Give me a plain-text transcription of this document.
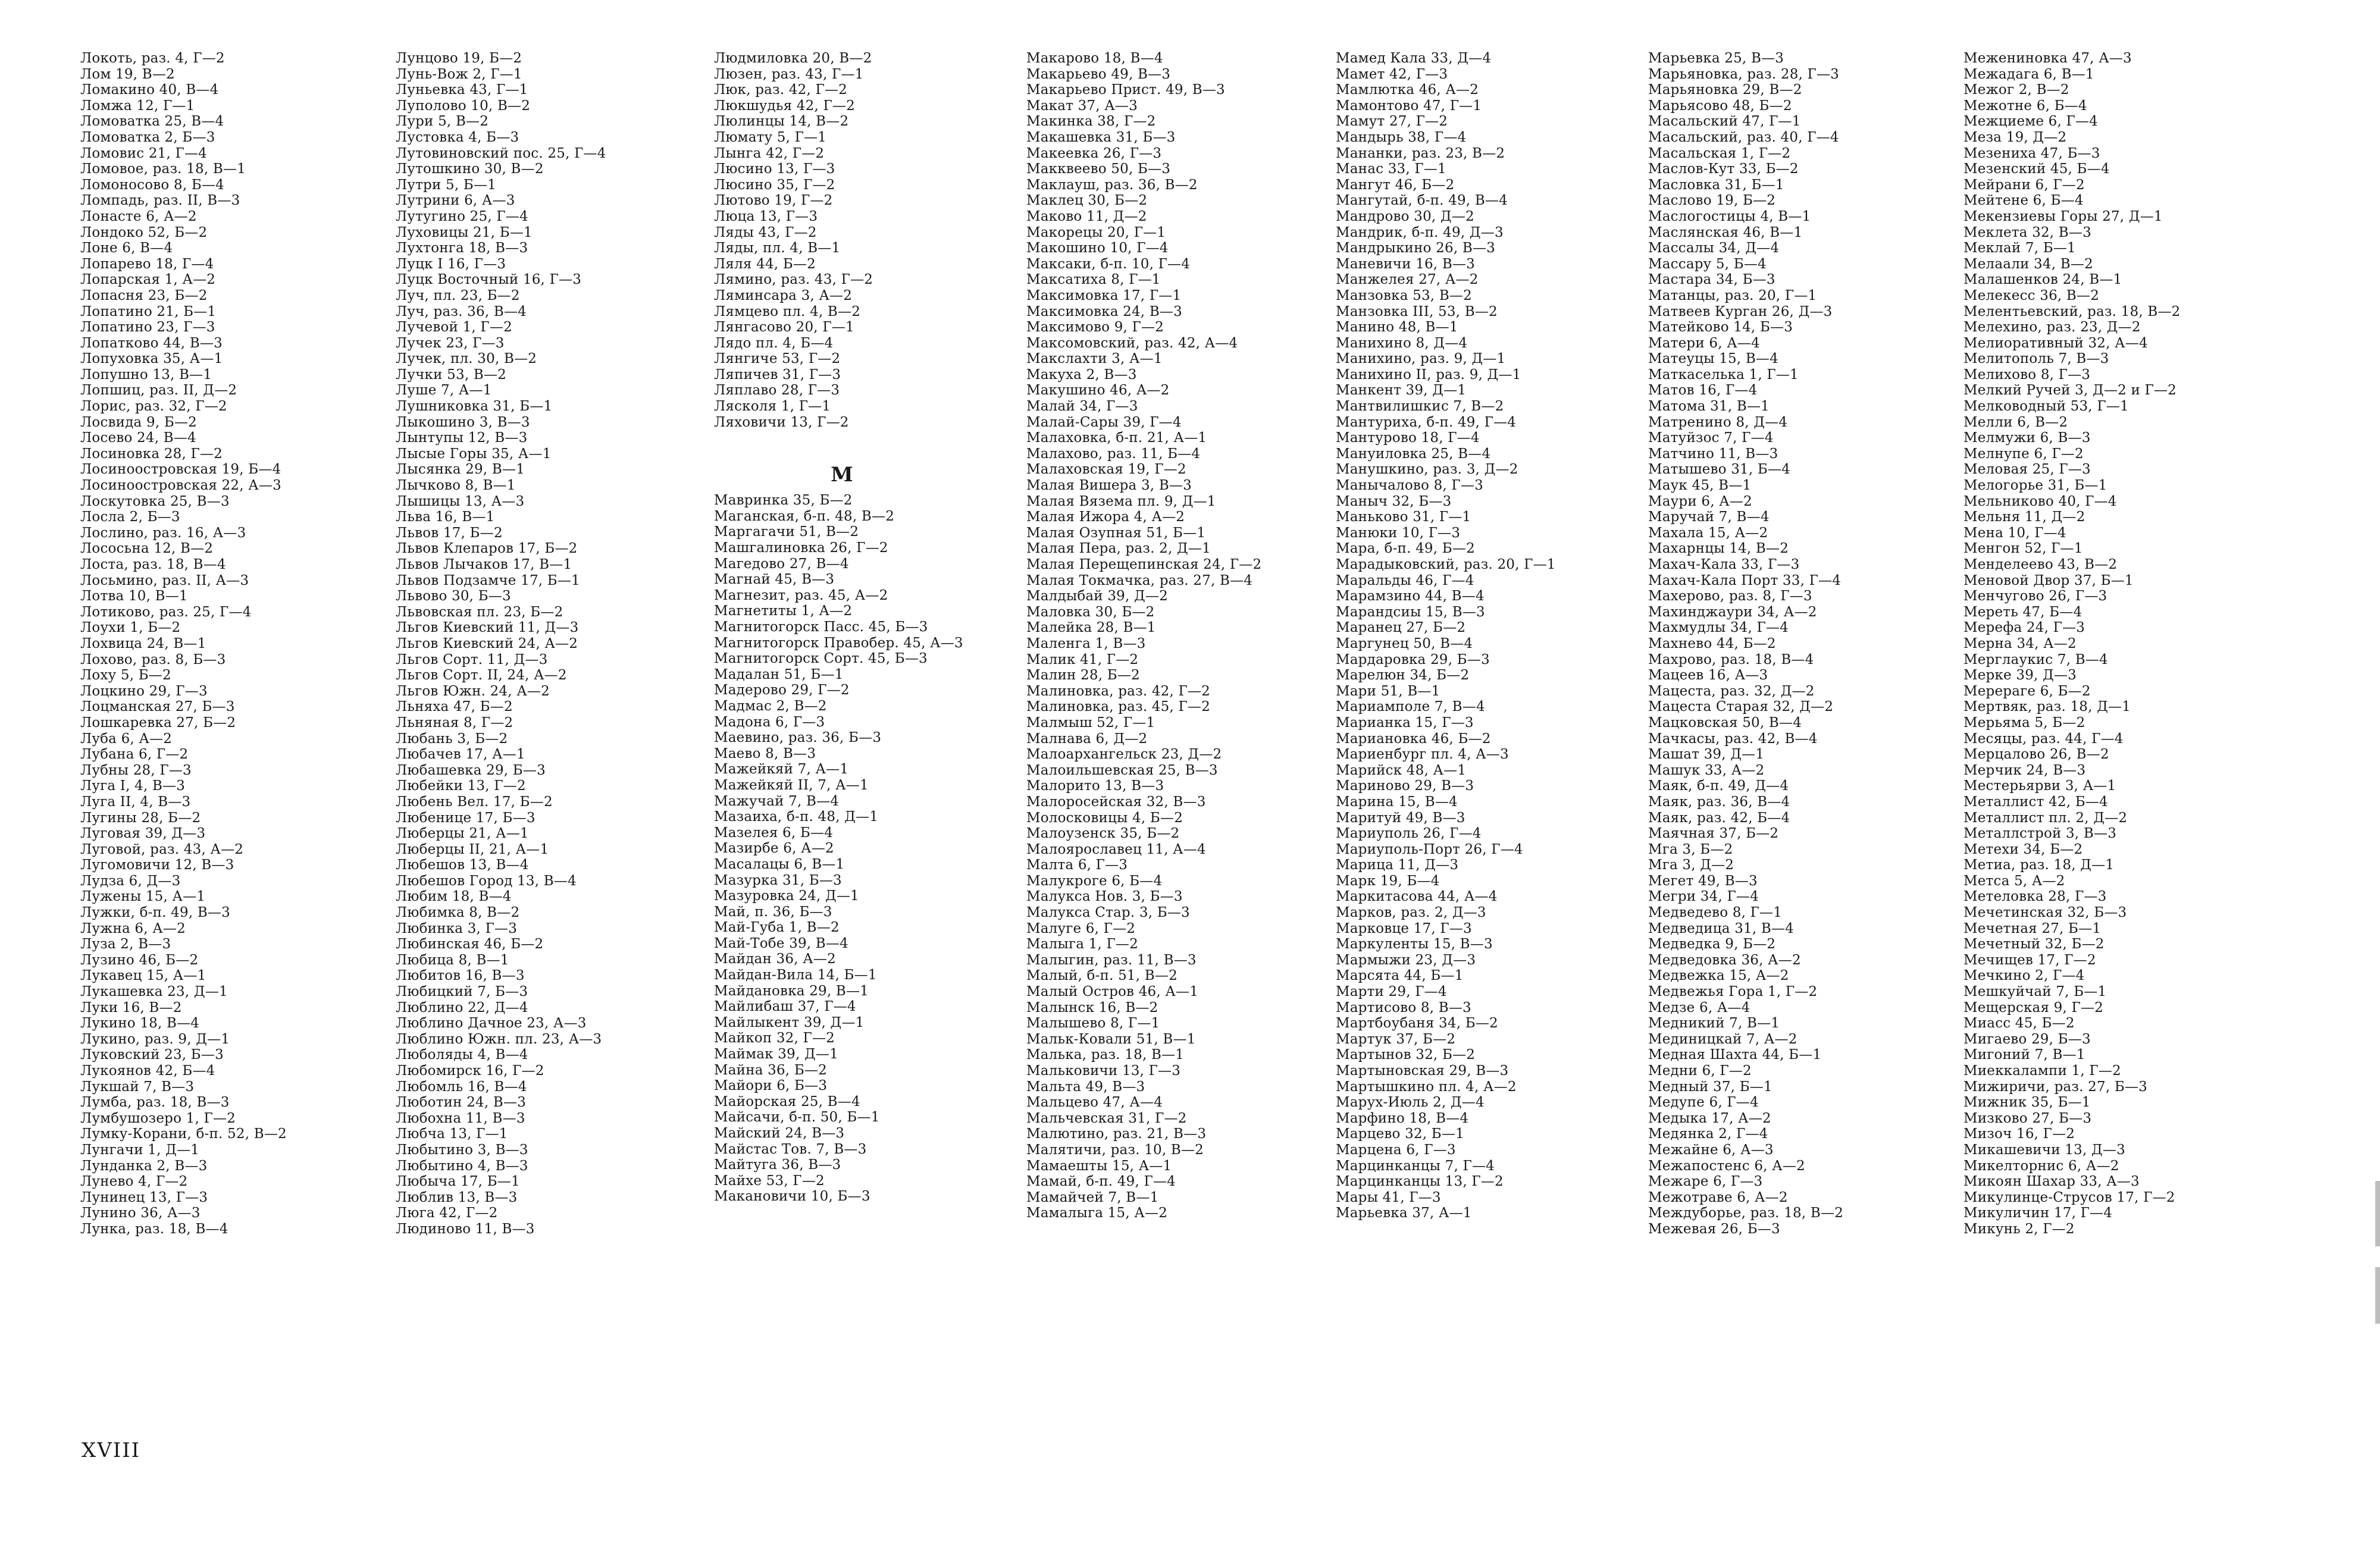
Локоть, раз. 4, Г—2
Лом 19, В—2
Ломакино 40, В—4
Ломжа 12, Г—1
Ломоватка 25, В—4
Ломоватка 2, Б—3
Ломовис 21, Г—4
Ломовое, раз. 18, В—1
Ломоносово 8, Б—4
Ломпадь, раз. II, В—3
Лонасте 6, А—2
Лондоко 52, Б—2
Лоне 6, В—4
Лопарево 18, Г—4
Лопарская 1, А—2
Лопасня 23, Б—2
Лопатино 21, Б—1
Лопатино 23, Г—3
Лопатково 44, В—3
Лопуховка 35, А—1
Лопушно 13, В—1
Лопшиц, раз. II, Д—2
Лорис, раз. 32, Г—2
Лосвида 9, Б—2
Лосево 24, В—4
Лосиновка 28, Г—2
Лосиноостровская 19, Б—4
Лосиноостровская 22, А—3
Лоскутовка 25, В—3
Лосла 2, Б—3
Лослино, раз. 16, А—3
Лососьна 12, В—2
Лоста, раз. 18, В—4
Лосьмино, раз. II, А—3
Лотва 10, В—1
Лотиково, раз. 25, Г—4
Лоухи 1, Б—2
Лохвица 24, В—1
Лохово, раз. 8, Б—3
Лоху 5, Б—2
Лоцкино 29, Г—3
Лоцманская 27, Б—3
Лошкаревка 27, Б—2
Луба 6, А—2
Лубана 6, Г—2
Лубны 28, Г—3
Луга I, 4, В—3
Луга II, 4, В—3
Лугины 28, Б—2
Луговая 39, Д—3
Луговой, раз. 43, А—2
Лугомовичи 12, В—3
Лудза 6, Д—3
Лужены 15, А—1
Лужки, б-п. 49, В—3
Лужна 6, А—2
Луза 2, В—3
Лузино 46, Б—2
Лукавец 15, А—1
Лукашевка 23, Д—1
Луки 16, В—2
Лукино 18, В—4
Лукино, раз. 9, Д—1
Луковский 23, Б—3
Лукоянов 42, Б—4
Лукшай 7, В—3
Лумба, раз. 18, В—3
Лумбушозеро 1, Г—2
Лумку-Корани, б-п. 52, В—2
Лунгачи 1, Д—1
Лунданка 2, В—3
Лунево 4, Г—2
Лунинец 13, Г—3
Лунино 36, А—3
Лунка, раз. 18, В—4
Лунцово 19, Б—2
Лунь-Вож 2, Г—1
Луньевка 43, Г—1
Луполово 10, В—2
Лури 5, В—2
Лустовка 4, Б—3
Лутовиновский пос. 25, Г—4
Лутошкино 30, В—2
Лутри 5, Б—1
Лутрини 6, А—3
Лутугино 25, Г—4
Луховицы 21, Б—1
Лухтонга 18, В—3
Луцк I 16, Г—3
Луцк Восточный 16, Г—3
Луч, пл. 23, Б—2
Луч, раз. 36, В—4
Лучевой 1, Г—2
Лучек 23, Г—3
Лучек, пл. 30, В—2
Лучки 53, В—2
Луше 7, А—1
Лушниковка 31, Б—1
Лыкошино 3, В—3
Лынтупы 12, В—3
Лысые Горы 35, А—1
Лысянка 29, В—1
Лычково 8, В—1
Лышицы 13, А—3
Льва 16, В—1
Львов 17, Б—2
Львов Клепаров 17, Б—2
Львов Лычаков 17, В—1
Львов Подзамче 17, Б—1
Львово 30, Б—3
Львовская пл. 23, Б—2
Льгов Киевский 11, Д—3
Льгов Киевский 24, А—2
Льгов Сорт. 11, Д—3
Льгов Сорт. II, 24, А—2
Льгов Южн. 24, А—2
Льняха 47, Б—2
Льняная 8, Г—2
Любань 3, Б—2
Любачев 17, А—1
Любашевка 29, Б—3
Любейки 13, Г—2
Любень Вел. 17, Б—2
Любенице 17, Б—3
Люберцы 21, А—1
Люберцы II, 21, А—1
Любешов 13, В—4
Любешов Город 13, В—4
Любим 18, В—4
Любимка 8, В—2
Любинка 3, Г—3
Любинская 46, Б—2
Любица 8, В—1
Любитов 16, В—3
Любицкий 7, Б—3
Люблино 22, Д—4
Люблино Дачное 23, А—3
Люблино Южн. пл. 23, А—3
Люболяды 4, В—4
Любомирск 16, Г—2
Любомль 16, В—4
Люботин 24, В—3
Любохна 11, В—3
Любча 13, Г—1
Любытино 3, В—3
Любытино 4, В—3
Любыча 17, Б—1
Люблив 13, В—3
Люга 42, Г—2
Людиново 11, В—3
Людмиловка 20, В—2
Люзен, раз. 43, Г—1
Люк, раз. 42, Г—2
Люкшудья 42, Г—2
Люлинцы 14, В—2
Люмату 5, Г—1
Лынга 42, Г—2
Люсино 13, Г—3
Люсино 35, Г—2
Лютово 19, Г—2
Люца 13, Г—3
Ляды 43, Г—2
Ляды, пл. 4, В—1
Ляля 44, Б—2
Лямино, раз. 43, Г—2
Ляминсара 3, А—2
Лямцево пл. 4, В—2
Лянгасово 20, Г—1
Лядо пл. 4, Б—4
Лянгиче 53, Г—2
Ляпичев 31, Г—3
Ляплаво 28, Г—3
Лясколя 1, Г—1
Ляховичи 13, Г—2
М
Мавринка 35, Б—2
Маганская, б-п. 48, В—2
Маргагачи 51, В—2
Машгалиновка 26, Г—2
Магедово 27, В—4
Магнай 45, В—3
Магнезит, раз. 45, А—2
Магнетиты 1, А—2
Магнитогорск Пасс. 45, Б—3
Магнитогорск Правобер. 45, А—3
Магнитогорск Сорт. 45, Б—3
Мадалан 51, Б—1
Мадерово 29, Г—2
Мадмас 2, В—2
Мадона 6, Г—3
Маевино, раз. 36, Б—3
Маево 8, В—3
Мажейкяй 7, А—1
Мажейкяй II, 7, А—1
Мажучай 7, В—4
Мазаиха, б-п. 48, Д—1
Мазелея 6, Б—4
Мазирбе 6, А—2
Масалацы 6, В—1
Мазурка 31, Б—3
Мазуровка 24, Д—1
Май, п. 36, Б—3
Май-Губа 1, В—2
Май-Тобе 39, В—4
Майдан 36, А—2
Майдан-Вила 14, Б—1
Майдановка 29, В—1
Майлибаш 37, Г—4
Майлыкент 39, Д—1
Майкоп 32, Г—2
Маймак 39, Д—1
Майна 36, Б—2
Майори 6, Б—3
Майорская 25, В—4
Майсачи, б-п. 50, Б—1
Майский 24, В—3
Майстас Тов. 7, В—3
Майтуга 36, В—3
Майхе 53, Г—2
Макановичи 10, Б—3
Макарово 18, В—4
Макарьево 49, В—3
Макарьево Прист. 49, В—3
Макат 37, А—3
Макинка 38, Г—2
Макашевка 31, Б—3
Макеевка 26, Г—3
Макквеево 50, Б—3
Маклауш, раз. 36, В—2
Маклец 30, Б—2
Маково 11, Д—2
Макорецы 20, Г—1
Макошино 10, Г—4
Максаки, б-п. 10, Г—4
Максатиха 8, Г—1
Максимовка 17, Г—1
Максимовка 24, В—3
Максимово 9, Г—2
Максомовский, раз. 42, А—4
Макслахти 3, А—1
Макуха 2, В—3
Макушино 46, А—2
Малай 34, Г—3
Малай-Сары 39, Г—4
Малаховка, б-п. 21, А—1
Малахово, раз. 11, Б—4
Малаховская 19, Г—2
Малая Вишера 3, В—3
Малая Вязема пл. 9, Д—1
Малая Ижора 4, А—2
Малая Озупная 51, Б—1
Малая Пера, раз. 2, Д—1
Малая Перещепинская 24, Г—2
Малая Токмачка, раз. 27, В—4
Малдыбай 39, Д—2
Маловка 30, Б—2
Малейка 28, В—1
Маленга 1, В—3
Малик 41, Г—2
Малин 28, Б—2
Малиновка, раз. 42, Г—2
Малиновка, раз. 45, Г—2
Малмыш 52, Г—1
Малнава 6, Д—2
Малоархангельск 23, Д—2
Малоильшевская 25, В—3
Малорито 13, В—3
Малоросейская 32, В—3
Молосковицы 4, Б—2
Малоузенск 35, Б—2
Малоярославец 11, А—4
Малта 6, Г—3
Малукроге 6, Б—4
Малукса Нов. 3, Б—3
Малукса Стар. 3, Б—3
Малуге 6, Г—2
Малыга 1, Г—2
Малыгин, раз. 11, В—3
Малый, б-п. 51, В—2
Малый Остров 46, А—1
Малынск 16, В—2
Малышево 8, Г—1
Мальк-Ковали 51, В—1
Малька, раз. 18, В—1
Мальковичи 13, Г—3
Мальта 49, В—3
Мальцево 47, А—4
Мальчевская 31, Г—2
Малютино, раз. 21, В—3
Малятичи, раз. 10, В—2
Мамаешты 15, А—1
Мамай, б-п. 49, Г—4
Мамайчей 7, В—1
Мамалыга 15, А—2
Мамед Кала 33, Д—4
Мамет 42, Г—3
Мамлютка 46, А—2
Мамонтово 47, Г—1
Мамут 27, Г—2
Мандырь 38, Г—4
Мананки, раз. 23, В—2
Манас 33, Г—1
Мангут 46, Б—2
Мангутай, б-п. 49, В—4
Мандрово 30, Д—2
Мандрик, б-п. 49, Д—3
Мандрыкино 26, В—3
Маневичи 16, В—3
Манжелея 27, А—2
Манзовка 53, В—2
Манзовка III, 53, В—2
Манино 48, В—1
Манихино 8, Д—4
Манихино, раз. 9, Д—1
Манихино II, раз. 9, Д—1
Манкент 39, Д—1
Мантвилишкис 7, В—2
Мантуриха, б-п. 49, Г—4
Мантурово 18, Г—4
Мануиловка 25, В—4
Манушкино, раз. 3, Д—2
Манычалово 8, Г—3
Маныч 32, Б—3
Маньково 31, Г—1
Манюки 10, Г—3
Мара, б-п. 49, Б—2
Марадыковский, раз. 20, Г—1
Маральды 46, Г—4
Марамзино 44, В—4
Марандсиы 15, В—3
Маранец 27, Б—2
Маргунец 50, В—4
Мардаровка 29, Б—3
Марелюн 34, Б—2
Мари 51, В—1
Мариамполе 7, В—4
Марианка 15, Г—3
Мариановка 46, Б—2
Мариенбург пл. 4, А—3
Марийск 48, А—1
Мариново 29, В—3
Марина 15, В—4
Маритуй 49, В—3
Мариуполь 26, Г—4
Мариуполь-Порт 26, Г—4
Марица 11, Д—3
Марк 19, Б—4
Маркитасова 44, А—4
Марков, раз. 2, Д—3
Марковце 17, Г—3
Маркуленты 15, В—3
Мармыжи 23, Д—3
Марсята 44, Б—1
Марти 29, Г—4
Мартисово 8, В—3
Мартбоубаня 34, Б—2
Мартук 37, Б—2
Мартынов 32, Б—2
Мартыновская 29, В—3
Мартышкино пл. 4, А—2
Марух-Июль 2, Д—4
Марфино 18, В—4
Марцево 32, Б—1
Марцена 6, Г—3
Марцинканцы 7, Г—4
Марцинканцы 13, Г—2
Мары 41, Г—3
Марьевка 37, А—1
Марьевка 25, В—3
Марьяновка, раз. 28, Г—3
Марьяновка 29, В—2
Марьясово 48, Б—2
Масальский 47, Г—1
Масальский, раз. 40, Г—4
Масальская 1, Г—2
Маслов-Кут 33, Б—2
Масловка 31, Б—1
Маслово 19, Б—2
Маслогостицы 4, В—1
Маслянская 46, В—1
Массалы 34, Д—4
Массару 5, Б—4
Мастара 34, Б—3
Матанцы, раз. 20, Г—1
Матвеев Курган 26, Д—3
Матейково 14, Б—3
Матери 6, А—4
Матеуцы 15, В—4
Маткаселька 1, Г—1
Матов 16, Г—4
Матома 31, В—1
Матренино 8, Д—4
Матуйзос 7, Г—4
Матчино 11, В—3
Матышево 31, Б—4
Маук 45, В—1
Маури 6, А—2
Маручай 7, В—4
Махала 15, А—2
Махарнцы 14, В—2
Махач-Кала 33, Г—3
Махач-Кала Порт 33, Г—4
Махерово, раз. 8, Г—3
Махинджаури 34, А—2
Махмудлы 34, Г—4
Махнево 44, Б—2
Махрово, раз. 18, В—4
Мацеев 16, А—3
Мацеста, раз. 32, Д—2
Мацеста Старая 32, Д—2
Мацковская 50, В—4
Мачкасы, раз. 42, В—4
Машат 39, Д—1
Машук 33, А—2
Маяк, б-п. 49, Д—4
Маяк, раз. 36, В—4
Маяк, раз. 42, Б—4
Маячная 37, Б—2
Мга 3, Б—2
Мга 3, Д—2
Мегет 49, В—3
Мегри 34, Г—4
Медведево 8, Г—1
Медведица 31, В—4
Медведка 9, Б—2
Медведовка 36, А—2
Медвежка 15, А—2
Медвежья Гора 1, Г—2
Медзе 6, А—4
Медникий 7, В—1
Мединицкай 7, А—2
Медная Шахта 44, Б—1
Медни 6, Г—2
Медный 37, Б—1
Медупе 6, Г—4
Медыка 17, А—2
Медянка 2, Г—4
Межайне 6, А—3
Межапостенс 6, А—2
Межаре 6, Г—3
Межотраве 6, А—2
Междуборье, раз. 18, В—2
Межевая 26, Б—3
Меженинoвка 47, А—3
Межадага 6, В—1
Межог 2, В—2
Межотне 6, Б—4
Межциеме 6, Г—4
Меза 19, Д—2
Мезениха 47, Б—3
Мезенский 45, Б—4
Мейрани 6, Г—2
Мейтене 6, Б—4
Мекензиевы Горы 27, Д—1
Меклета 32, В—3
Меклай 7, Б—1
Мелаали 34, В—2
Малашенков 24, В—1
Мелекесс 36, В—2
Мелентьевский, раз. 18, В—2
Мелехино, раз. 23, Д—2
Мелиоративный 32, А—4
Мелитополь 7, В—3
Мелихово 8, Г—3
Мелкий Ручей 3, Д—2 и Г—2
Мелководный 53, Г—1
Мелли 6, В—2
Мелмужи 6, В—3
Мелнупе 6, Г—2
Меловая 25, Г—3
Мелогорье 31, Б—1
Мельниково 40, Г—4
Мельня 11, Д—2
Мена 10, Г—4
Менгон 52, Г—1
Менделеево 43, В—2
Меновой Двор 37, Б—1
Менчугово 26, Г—3
Мереть 47, Б—4
Мерефа 24, Г—3
Мерна 34, А—2
Мерглаукис 7, В—4
Мерке 39, Д—3
Мерераге 6, Б—2
Мертвяк, раз. 18, Д—1
Мерьяма 5, Б—2
Месяцы, раз. 44, Г—4
Мерцалово 26, В—2
Мерчик 24, В—3
Местерьярви 3, А—1
Металлист 42, Б—4
Металлист пл. 2, Д—2
Металлстрой 3, В—3
Метехи 34, Б—2
Метиа, раз. 18, Д—1
Метса 5, А—2
Метеловка 28, Г—3
Мечетинская 32, Б—3
Мечетная 27, Б—1
Мечетный 32, Б—2
Мечищев 17, Г—2
Мечкино 2, Г—4
Мешкуйчай 7, Б—1
Мещерская 9, Г—2
Миасс 45, Б—2
Мигаево 29, Б—3
Мигоний 7, В—1
Миеккалампи 1, Г—2
Мижиричи, раз. 27, Б—3
Мижник 35, Б—1
Мизково 27, Б—3
Мизоч 16, Г—2
Микашевичи 13, Д—3
Микелторнис 6, А—2
Микоян Шахар 33, А—3
Микулинце-Струсов 17, Г—2
Микуличин 17, Г—4
Микунь 2, Г—2
XVIII
